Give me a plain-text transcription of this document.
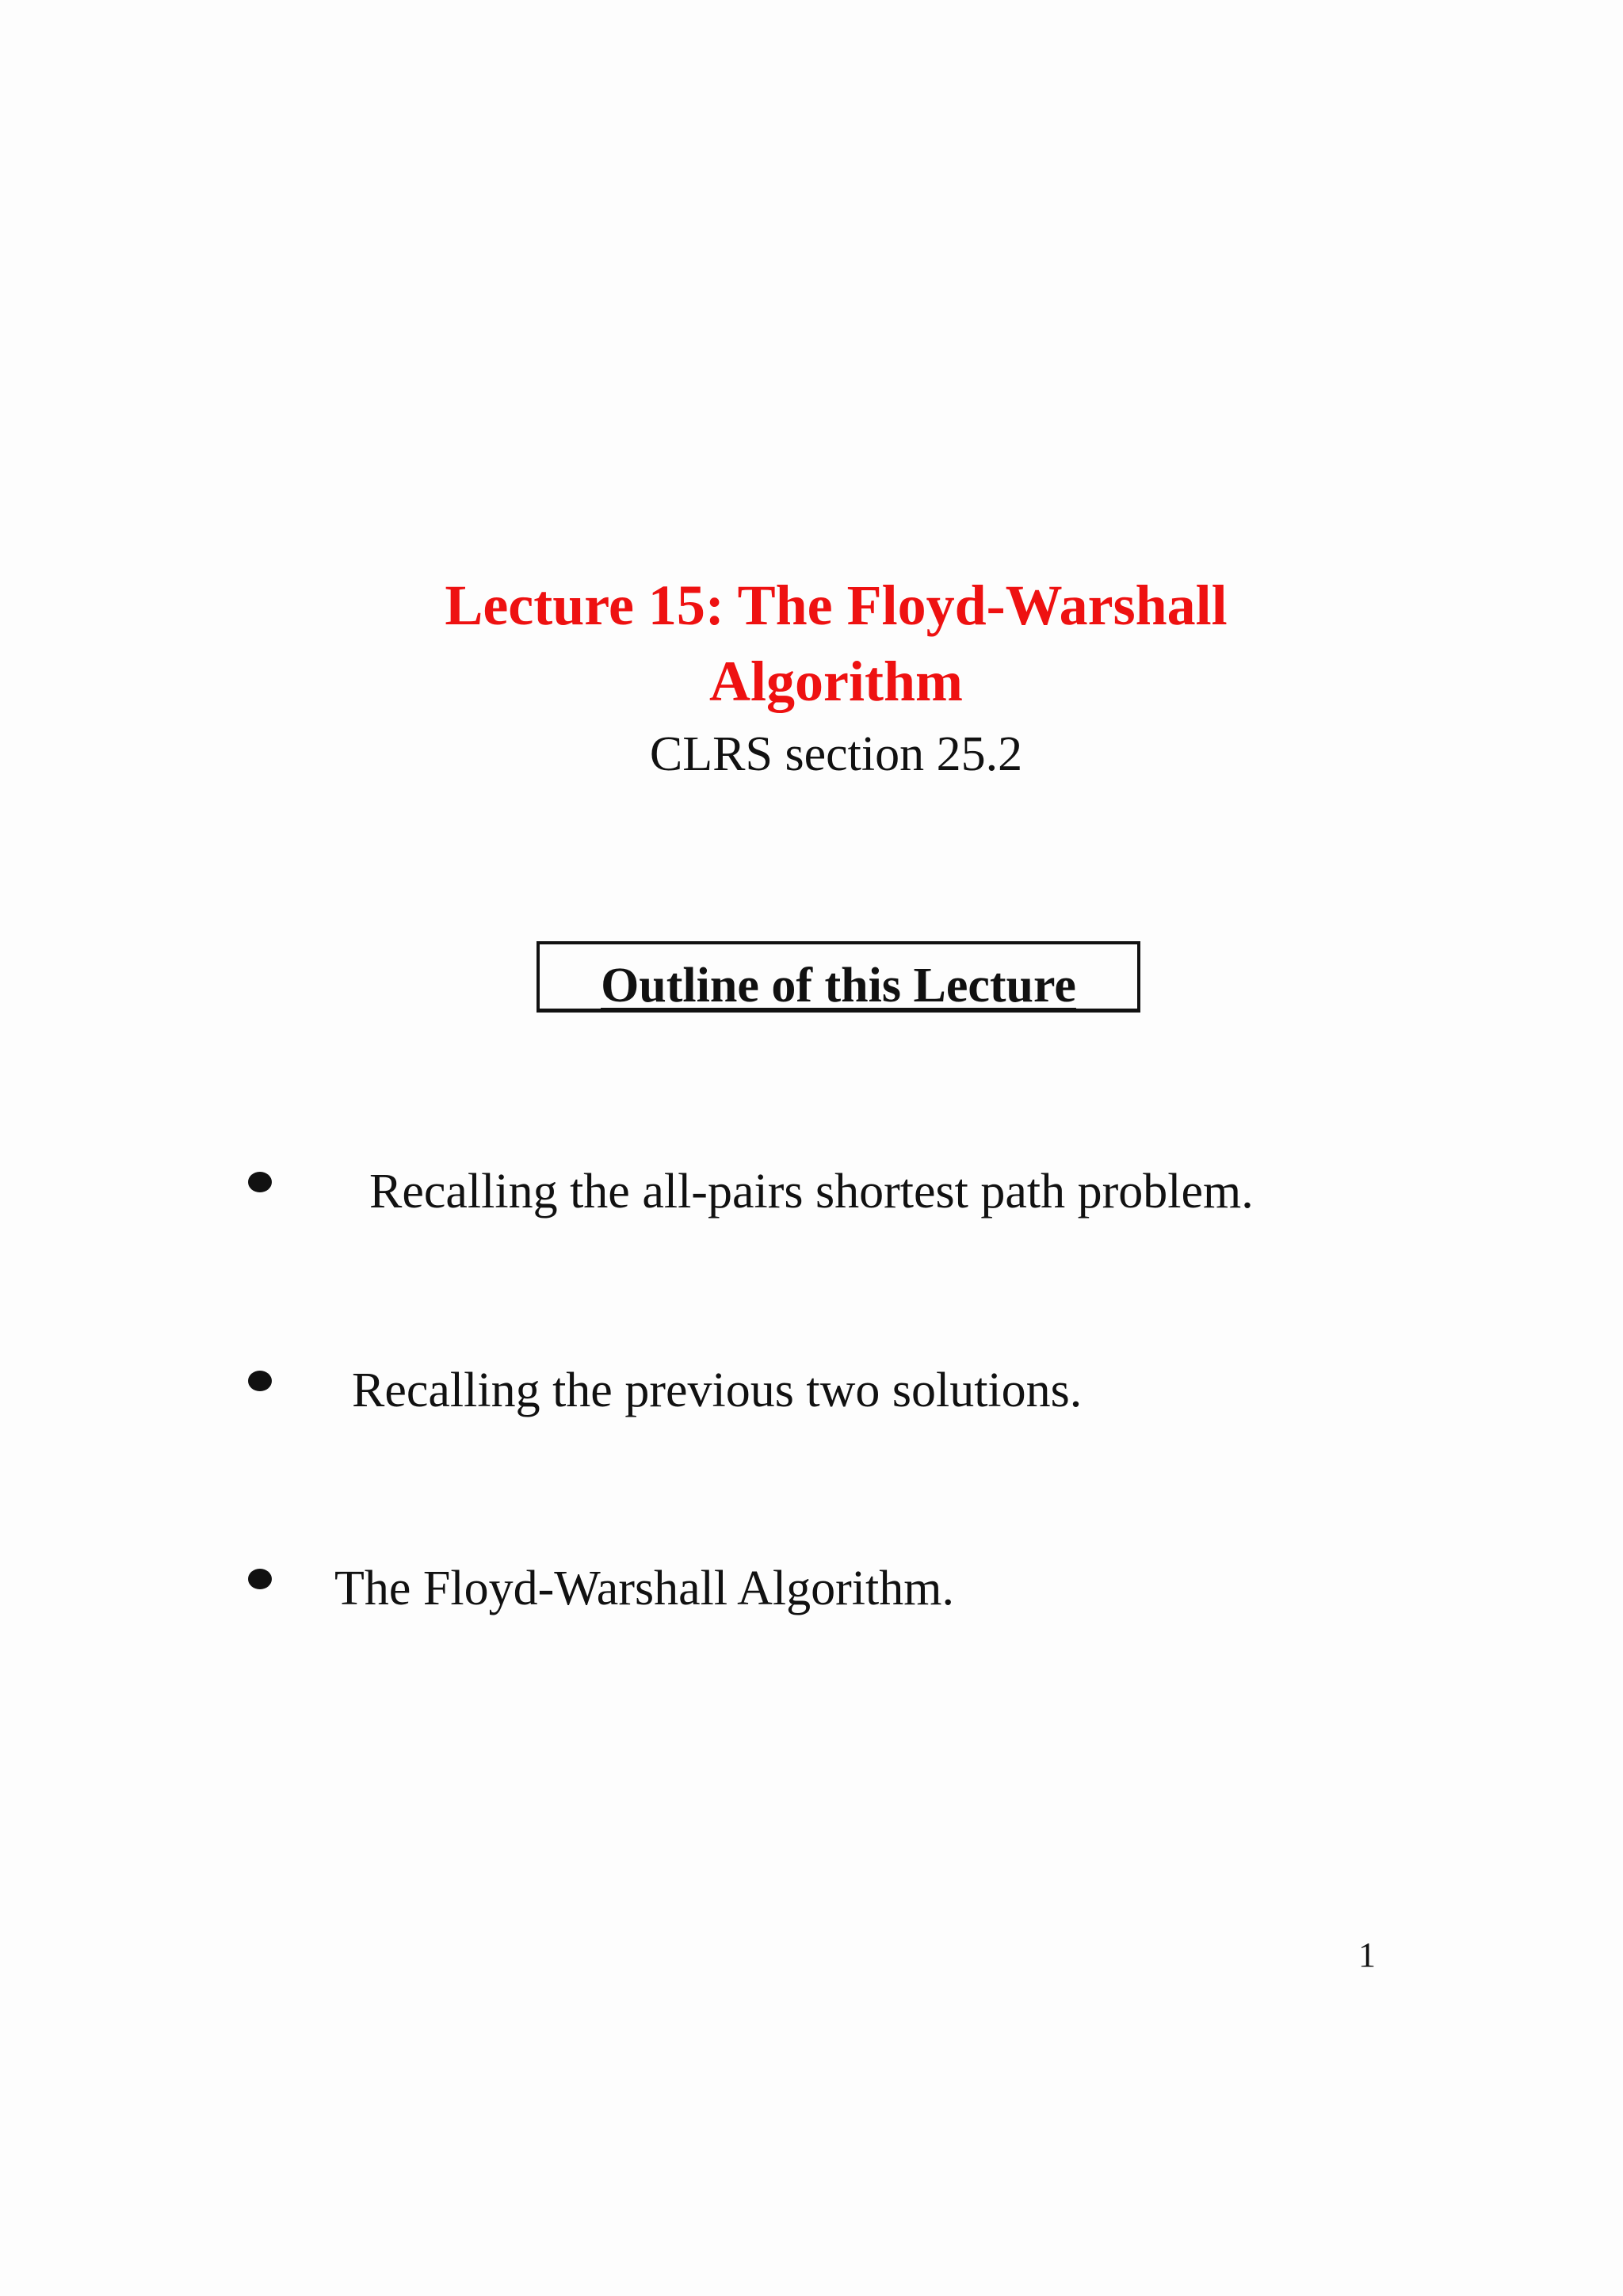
Lecture 15: The Floyd-Warshall
Algorithm
CLRS section 25.2
Outline of this Lecture
Recalling the all-pairs shortest path problem.
Recalling the previous two solutions.
The Floyd-Warshall Algorithm.
1
